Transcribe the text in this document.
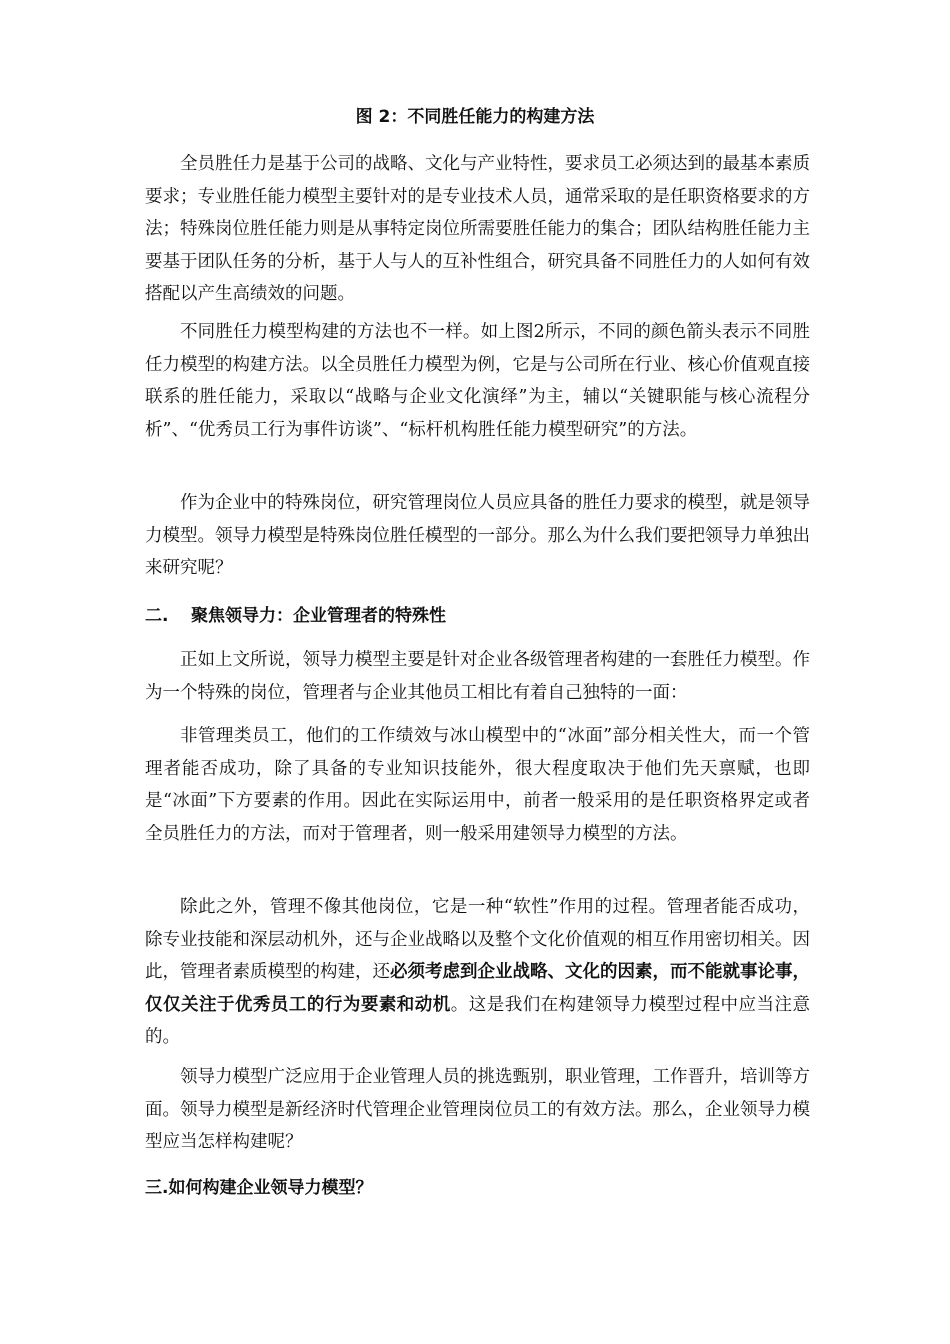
图 2：不同胜任能力的构建方法

全员胜任力是基于公司的战略、文化与产业特性，要求员工必须达到的最基本素质要求；专业胜任能力模型主要针对的是专业技术人员，通常采取的是任职资格要求的方法；特殊岗位胜任能力则是从事特定岗位所需要胜任能力的集合；团队结构胜任能力主要基于团队任务的分析，基于人与人的互补性组合，研究具备不同胜任力的人如何有效搭配以产生高绩效的问题。

不同胜任力模型构建的方法也不一样。如上图2所示，不同的颜色箭头表示不同胜任力模型的构建方法。以全员胜任力模型为例，它是与公司所在行业、核心价值观直接联系的胜任能力，采取以“战略与企业文化演绎”为主，辅以“关键职能与核心流程分析”、“优秀员工行为事件访谈”、“标杆机构胜任能力模型研究”的方法。

作为企业中的特殊岗位，研究管理岗位人员应具备的胜任力要求的模型，就是领导力模型。领导力模型是特殊岗位胜任模型的一部分。那么为什么我们要把领导力单独出来研究呢？

二. 聚焦领导力：企业管理者的特殊性

正如上文所说，领导力模型主要是针对企业各级管理者构建的一套胜任力模型。作为一个特殊的岗位，管理者与企业其他员工相比有着自己独特的一面：

非管理类员工，他们的工作绩效与冰山模型中的“冰面”部分相关性大，而一个管理者能否成功，除了具备的专业知识技能外，很大程度取决于他们先天禀赋，也即是“冰面”下方要素的作用。因此在实际运用中，前者一般采用的是任职资格界定或者全员胜任力的方法，而对于管理者，则一般采用建领导力模型的方法。

除此之外，管理不像其他岗位，它是一种“软性”作用的过程。管理者能否成功，除专业技能和深层动机外，还与企业战略以及整个文化价值观的相互作用密切相关。因此，管理者素质模型的构建，还必须考虑到企业战略、文化的因素，而不能就事论事，仅仅关注于优秀员工的行为要素和动机。这是我们在构建领导力模型过程中应当注意的。

领导力模型广泛应用于企业管理人员的挑选甄别，职业管理，工作晋升，培训等方面。领导力模型是新经济时代管理企业管理岗位员工的有效方法。那么，企业领导力模型应当怎样构建呢？

三.如何构建企业领导力模型？
